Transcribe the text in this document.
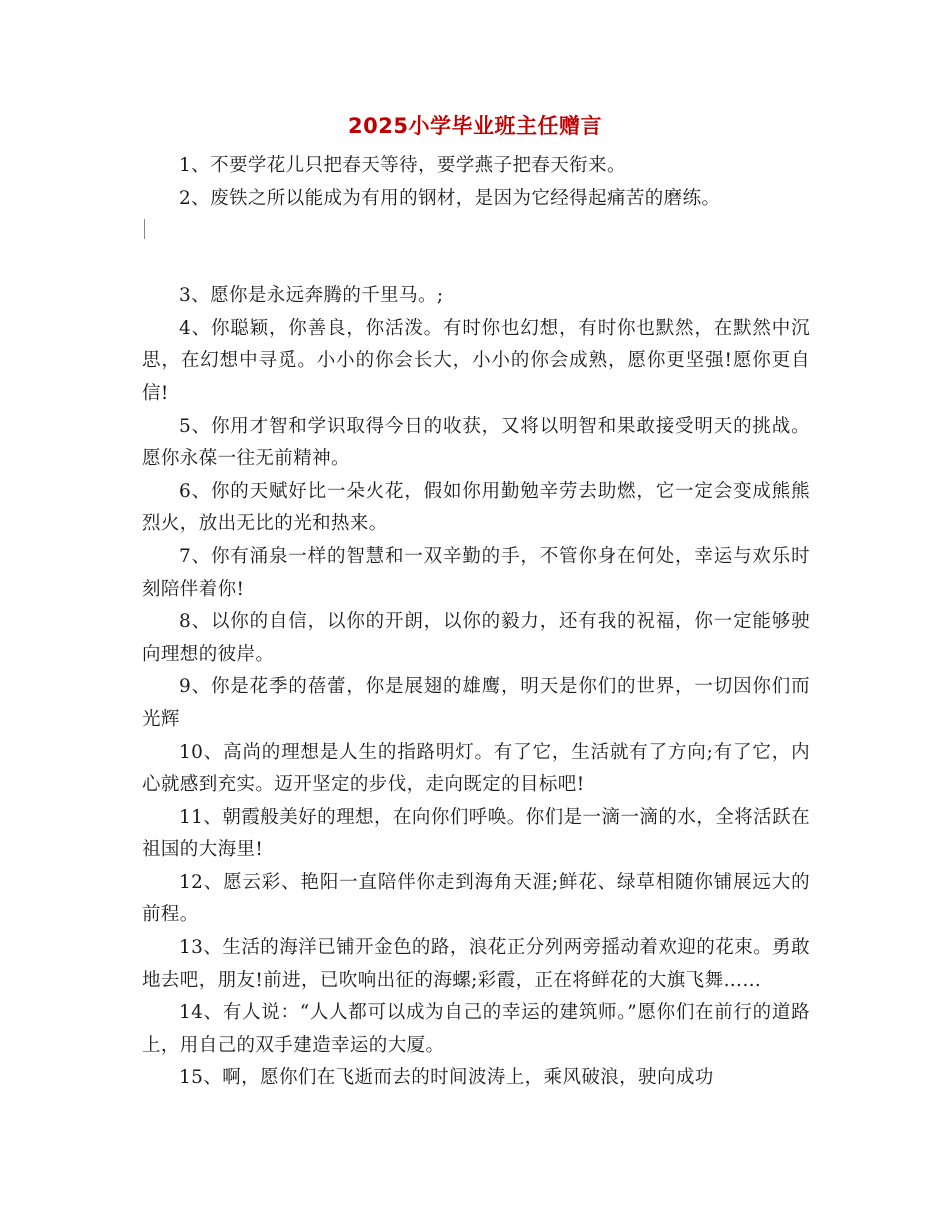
2025小学毕业班主任赠言

1、不要学花儿只把春天等待，要学燕子把春天衔来。

2、废铁之所以能成为有用的钢材，是因为它经得起痛苦的磨练。

3、愿你是永远奔腾的千里马。;

4、你聪颖，你善良，你活泼。有时你也幻想，有时你也默然，在默然中沉思，在幻想中寻觅。小小的你会长大，小小的你会成熟，愿你更坚强!愿你更自信!

5、你用才智和学识取得今日的收获，又将以明智和果敢接受明天的挑战。愿你永葆一往无前精神。

6、你的天赋好比一朵火花，假如你用勤勉辛劳去助燃，它一定会变成熊熊烈火，放出无比的光和热来。

7、你有涌泉一样的智慧和一双辛勤的手，不管你身在何处，幸运与欢乐时刻陪伴着你!

8、以你的自信，以你的开朗，以你的毅力，还有我的祝福，你一定能够驶向理想的彼岸。

9、你是花季的蓓蕾，你是展翅的雄鹰，明天是你们的世界，一切因你们而光辉

10、高尚的理想是人生的指路明灯。有了它，生活就有了方向;有了它，内心就感到充实。迈开坚定的步伐，走向既定的目标吧!

11、朝霞般美好的理想，在向你们呼唤。你们是一滴一滴的水，全将活跃在祖国的大海里!

12、愿云彩、艳阳一直陪伴你走到海角天涯;鲜花、绿草相随你铺展远大的前程。

13、生活的海洋已铺开金色的路，浪花正分列两旁摇动着欢迎的花束。勇敢地去吧，朋友!前进，已吹响出征的海螺;彩霞，正在将鲜花的大旗飞舞……

14、有人说：“人人都可以成为自己的幸运的建筑师。”愿你们在前行的道路上，用自己的双手建造幸运的大厦。

15、啊，愿你们在飞逝而去的时间波涛上，乘风破浪，驶向成功
